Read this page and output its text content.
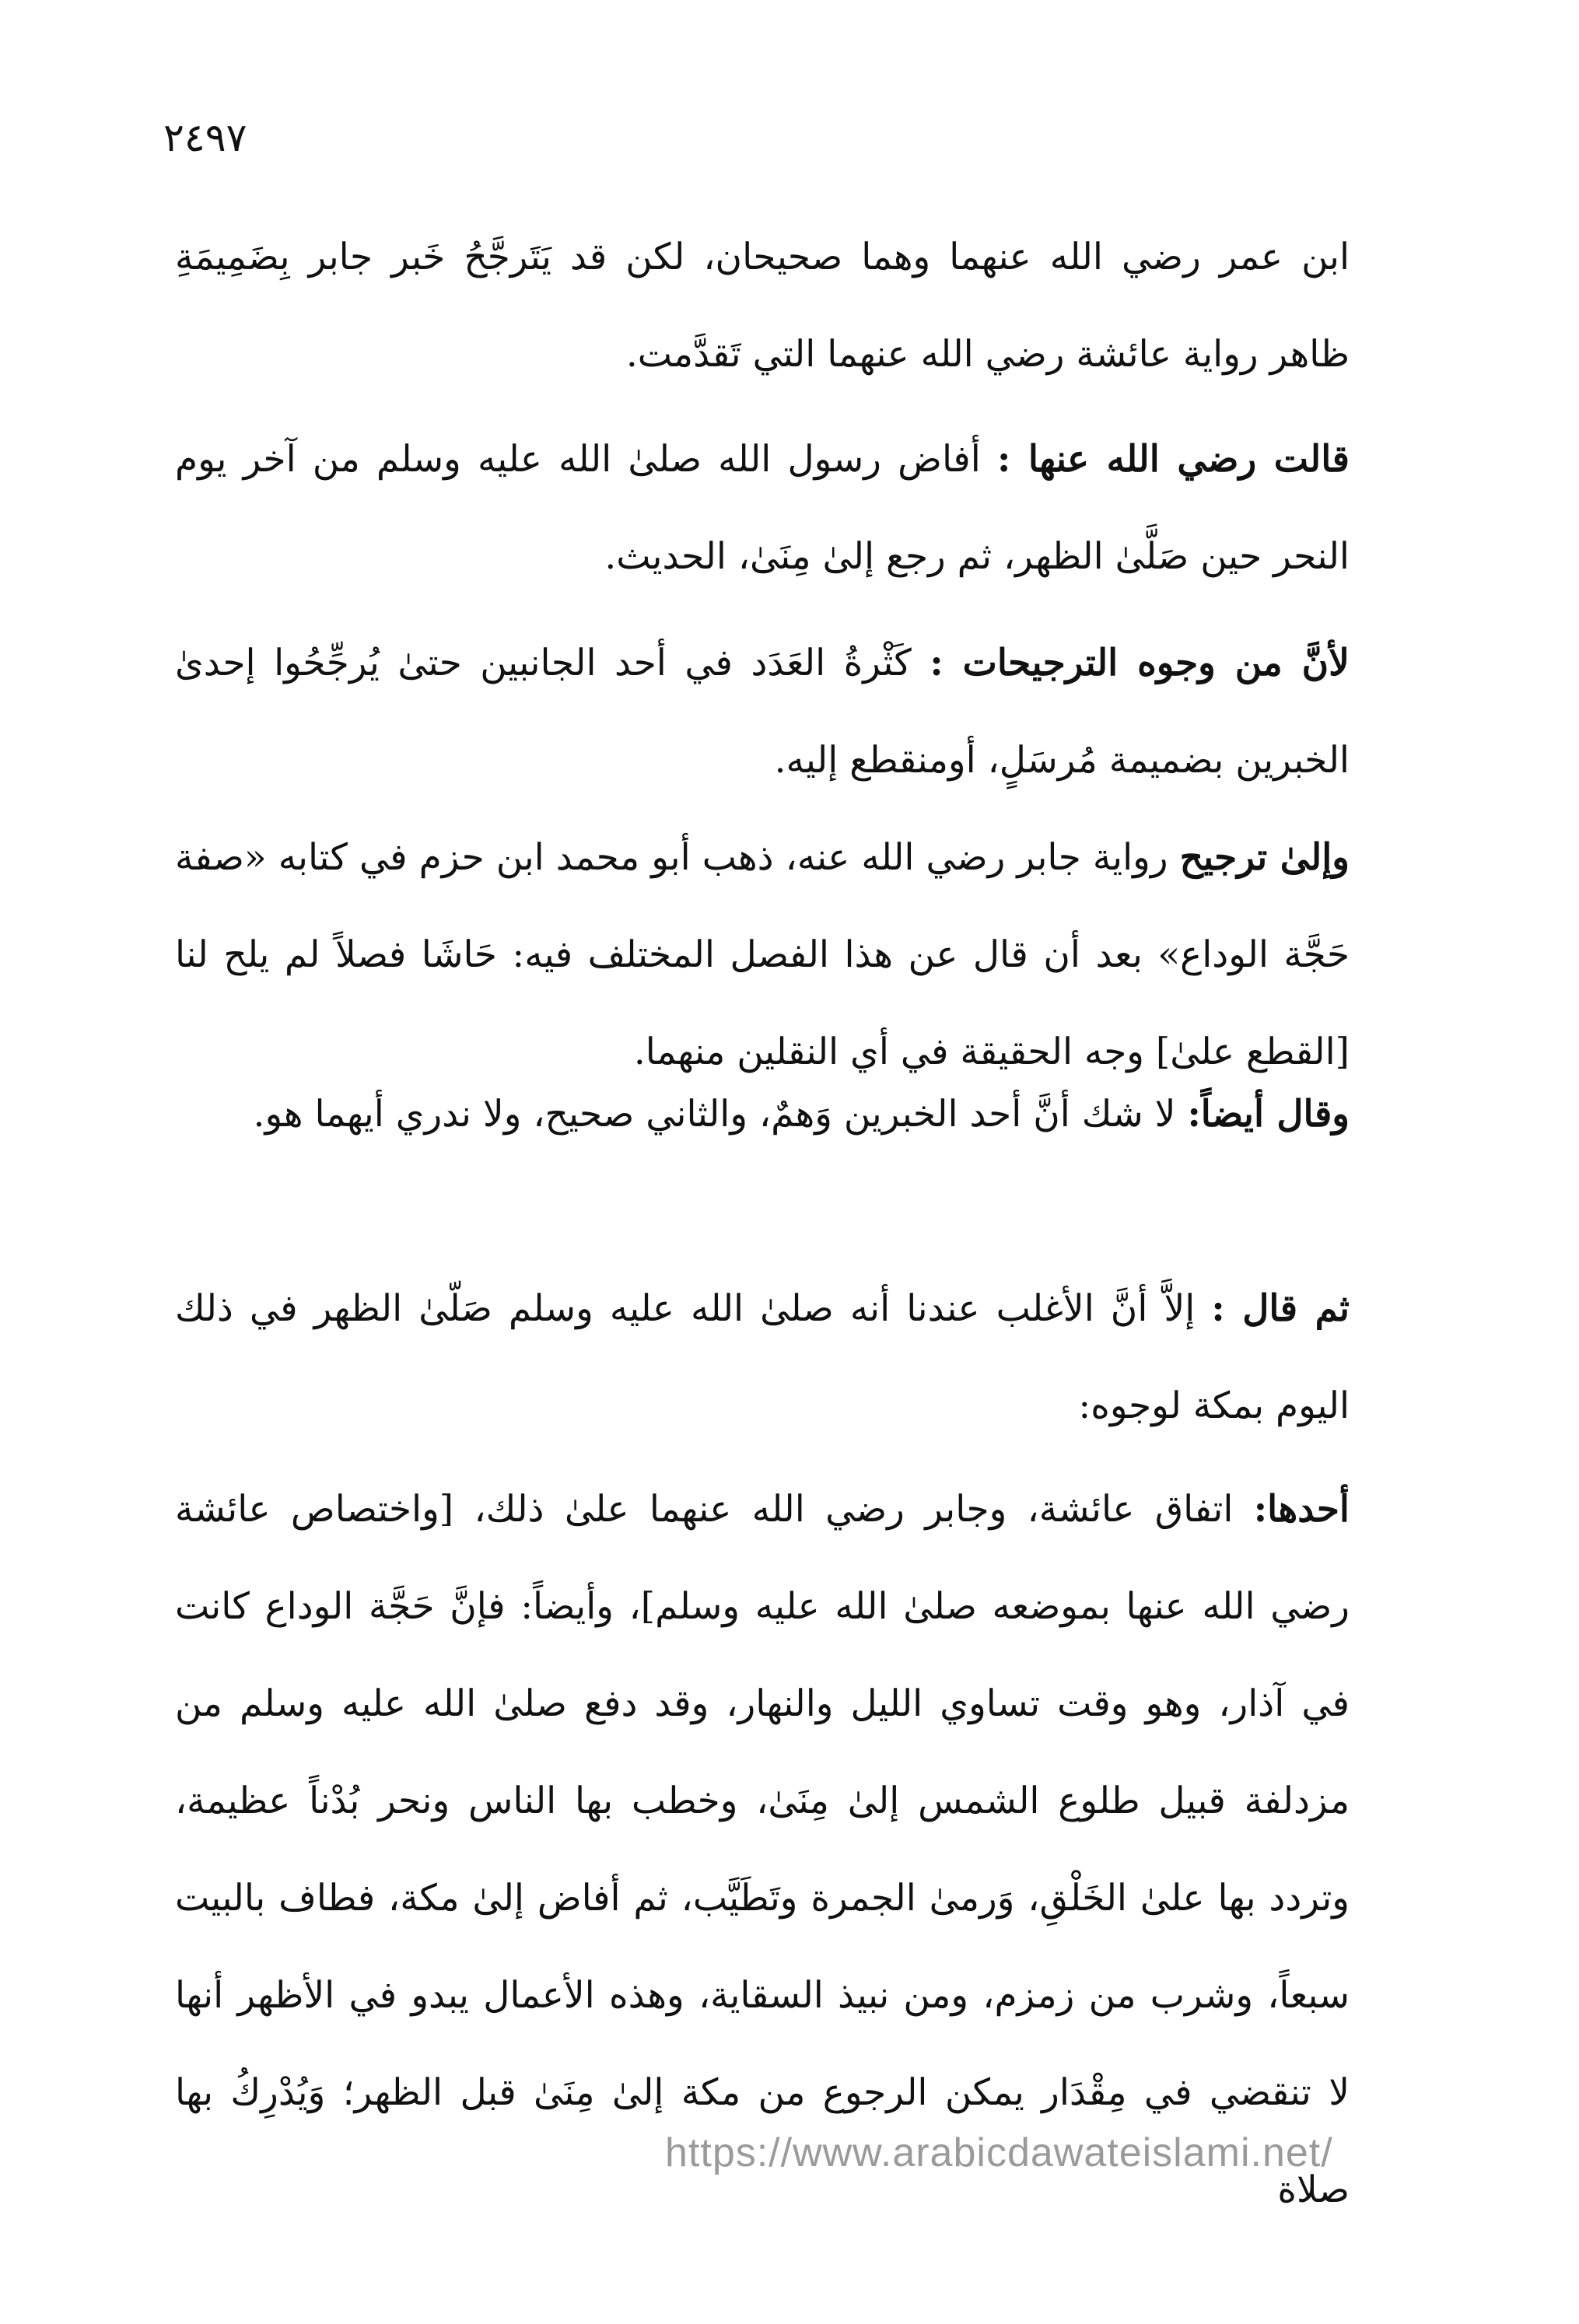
٢٤٩٧

ابن عمر رضي الله عنهما وهما صحيحان، لكن قد يَتَرجَّحُ خَبر جابر بِضَمِيمَةِ ظاهر رواية عائشة رضي الله عنهما التي تَقدَّمت.

قالت رضي الله عنها : أفاض رسول الله صلىٰ الله عليه وسلم من آخر يوم النحر حين صَلَّىٰ الظهر، ثم رجع إلىٰ مِنَىٰ، الحديث.

لأنَّ من وجوه الترجيحات : كَثْرةُ العَدَد في أحد الجانبين حتىٰ يُرجِّحُوا إحدىٰ الخبرين بضميمة مُرسَلٍ، أومنقطع إليه.

وإلىٰ ترجيح رواية جابر رضي الله عنه، ذهب أبو محمد ابن حزم في كتابه «صفة حَجَّة الوداع» بعد أن قال عن هذا الفصل المختلف فيه: حَاشَا فصلاً لم يلح لنا [القطع علىٰ] وجه الحقيقة في أي النقلين منهما.

وقال أيضاً: لا شك أنَّ أحد الخبرين وَهمٌ، والثاني صحيح، ولا ندري أيهما هو.

ثم قال : إلاَّ أنَّ الأغلب عندنا أنه صلىٰ الله عليه وسلم صَلّىٰ الظهر في ذلك اليوم بمكة لوجوه:

أحدها: اتفاق عائشة، وجابر رضي الله عنهما علىٰ ذلك، [واختصاص عائشة رضي الله عنها بموضعه صلىٰ الله عليه وسلم]، وأيضاً: فإنَّ حَجَّة الوداع كانت في آذار، وهو وقت تساوي الليل والنهار، وقد دفع صلىٰ الله عليه وسلم من مزدلفة قبيل طلوع الشمس إلىٰ مِنَىٰ، وخطب بها الناس ونحر بُدْناً عظيمة، وتردد بها علىٰ الخَلْقِ، وَرمىٰ الجمرة وتَطَيَّب، ثم أفاض إلىٰ مكة، فطاف بالبيت سبعاً، وشرب من زمزم، ومن نبيذ السقاية، وهذه الأعمال يبدو في الأظهر أنها لا تنقضي في مِقْدَار يمكن الرجوع من مكة إلىٰ مِنَىٰ قبل الظهر؛ وَيُدْرِكُ بها صلاة

https://www.arabicdawateislami.net/
